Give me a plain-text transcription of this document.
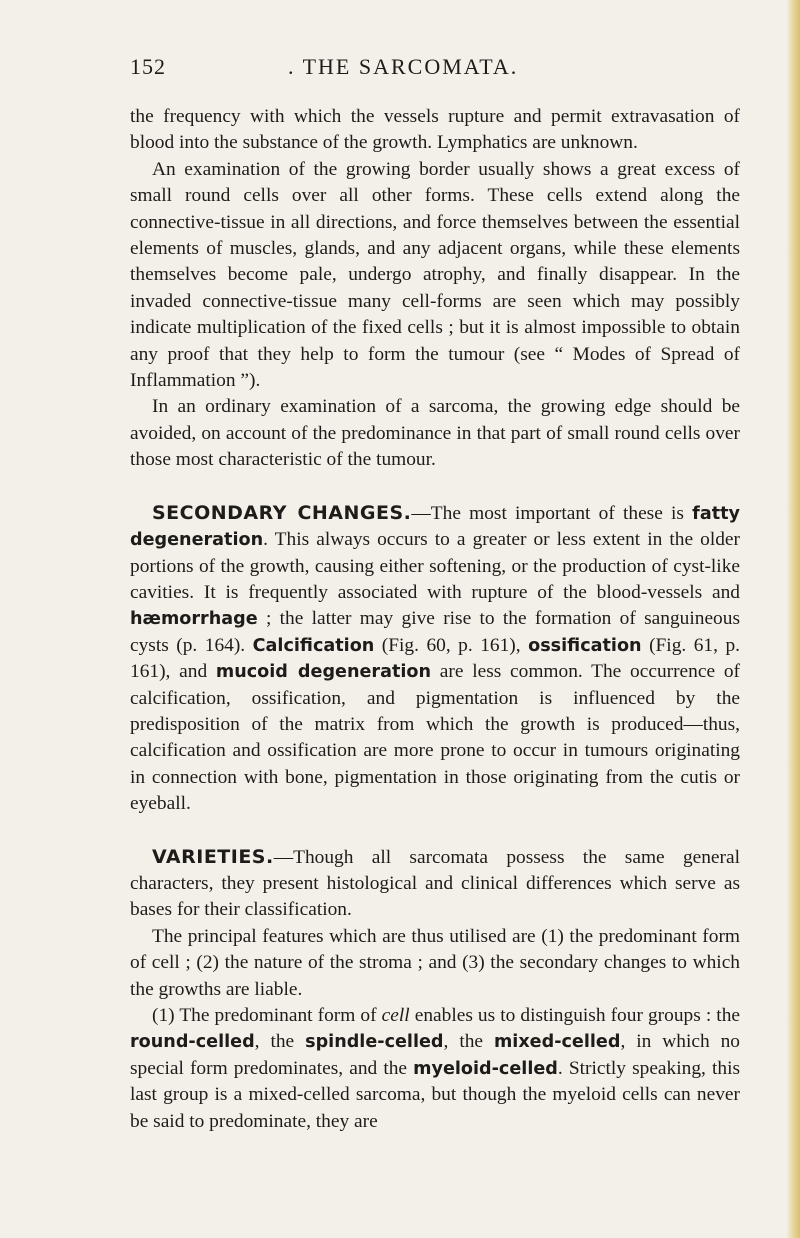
152	. THE SARCOMATA.

the frequency with which the vessels rupture and permit extravasation of blood into the substance of the growth. Lymphatics are unknown.

An examination of the growing border usually shows a great excess of small round cells over all other forms. These cells extend along the connective-tissue in all directions, and force themselves between the essential elements of muscles, glands, and any adjacent organs, while these elements themselves become pale, undergo atrophy, and finally disappear. In the invaded connective-tissue many cell-forms are seen which may possibly indicate multiplication of the fixed cells ; but it is almost impossible to obtain any proof that they help to form the tumour (see “ Modes of Spread of Inflammation ”).

In an ordinary examination of a sarcoma, the growing edge should be avoided, on account of the predominance in that part of small round cells over those most characteristic of the tumour.

SECONDARY CHANGES.—The most important of these is fatty degeneration. This always occurs to a greater or less extent in the older portions of the growth, causing either softening, or the production of cyst-like cavities. It is frequently associated with rupture of the blood-vessels and hæmorrhage ; the latter may give rise to the formation of sanguineous cysts (p. 164). Calcification (Fig. 60, p. 161), ossification (Fig. 61, p. 161), and mucoid degeneration are less common. The occurrence of calcification, ossification, and pigmentation is influenced by the predisposition of the matrix from which the growth is produced—thus, calcification and ossification are more prone to occur in tumours originating in connection with bone, pigmentation in those originating from the cutis or eyeball.

VARIETIES.—Though all sarcomata possess the same general characters, they present histological and clinical differences which serve as bases for their classification.

The principal features which are thus utilised are (1) the predominant form of cell ; (2) the nature of the stroma ; and (3) the secondary changes to which the growths are liable.

(1) The predominant form of cell enables us to distinguish four groups : the round-celled, the spindle-celled, the mixed-celled, in which no special form predominates, and the myeloid-celled. Strictly speaking, this last group is a mixed-celled sarcoma, but though the myeloid cells can never be said to predominate, they are
